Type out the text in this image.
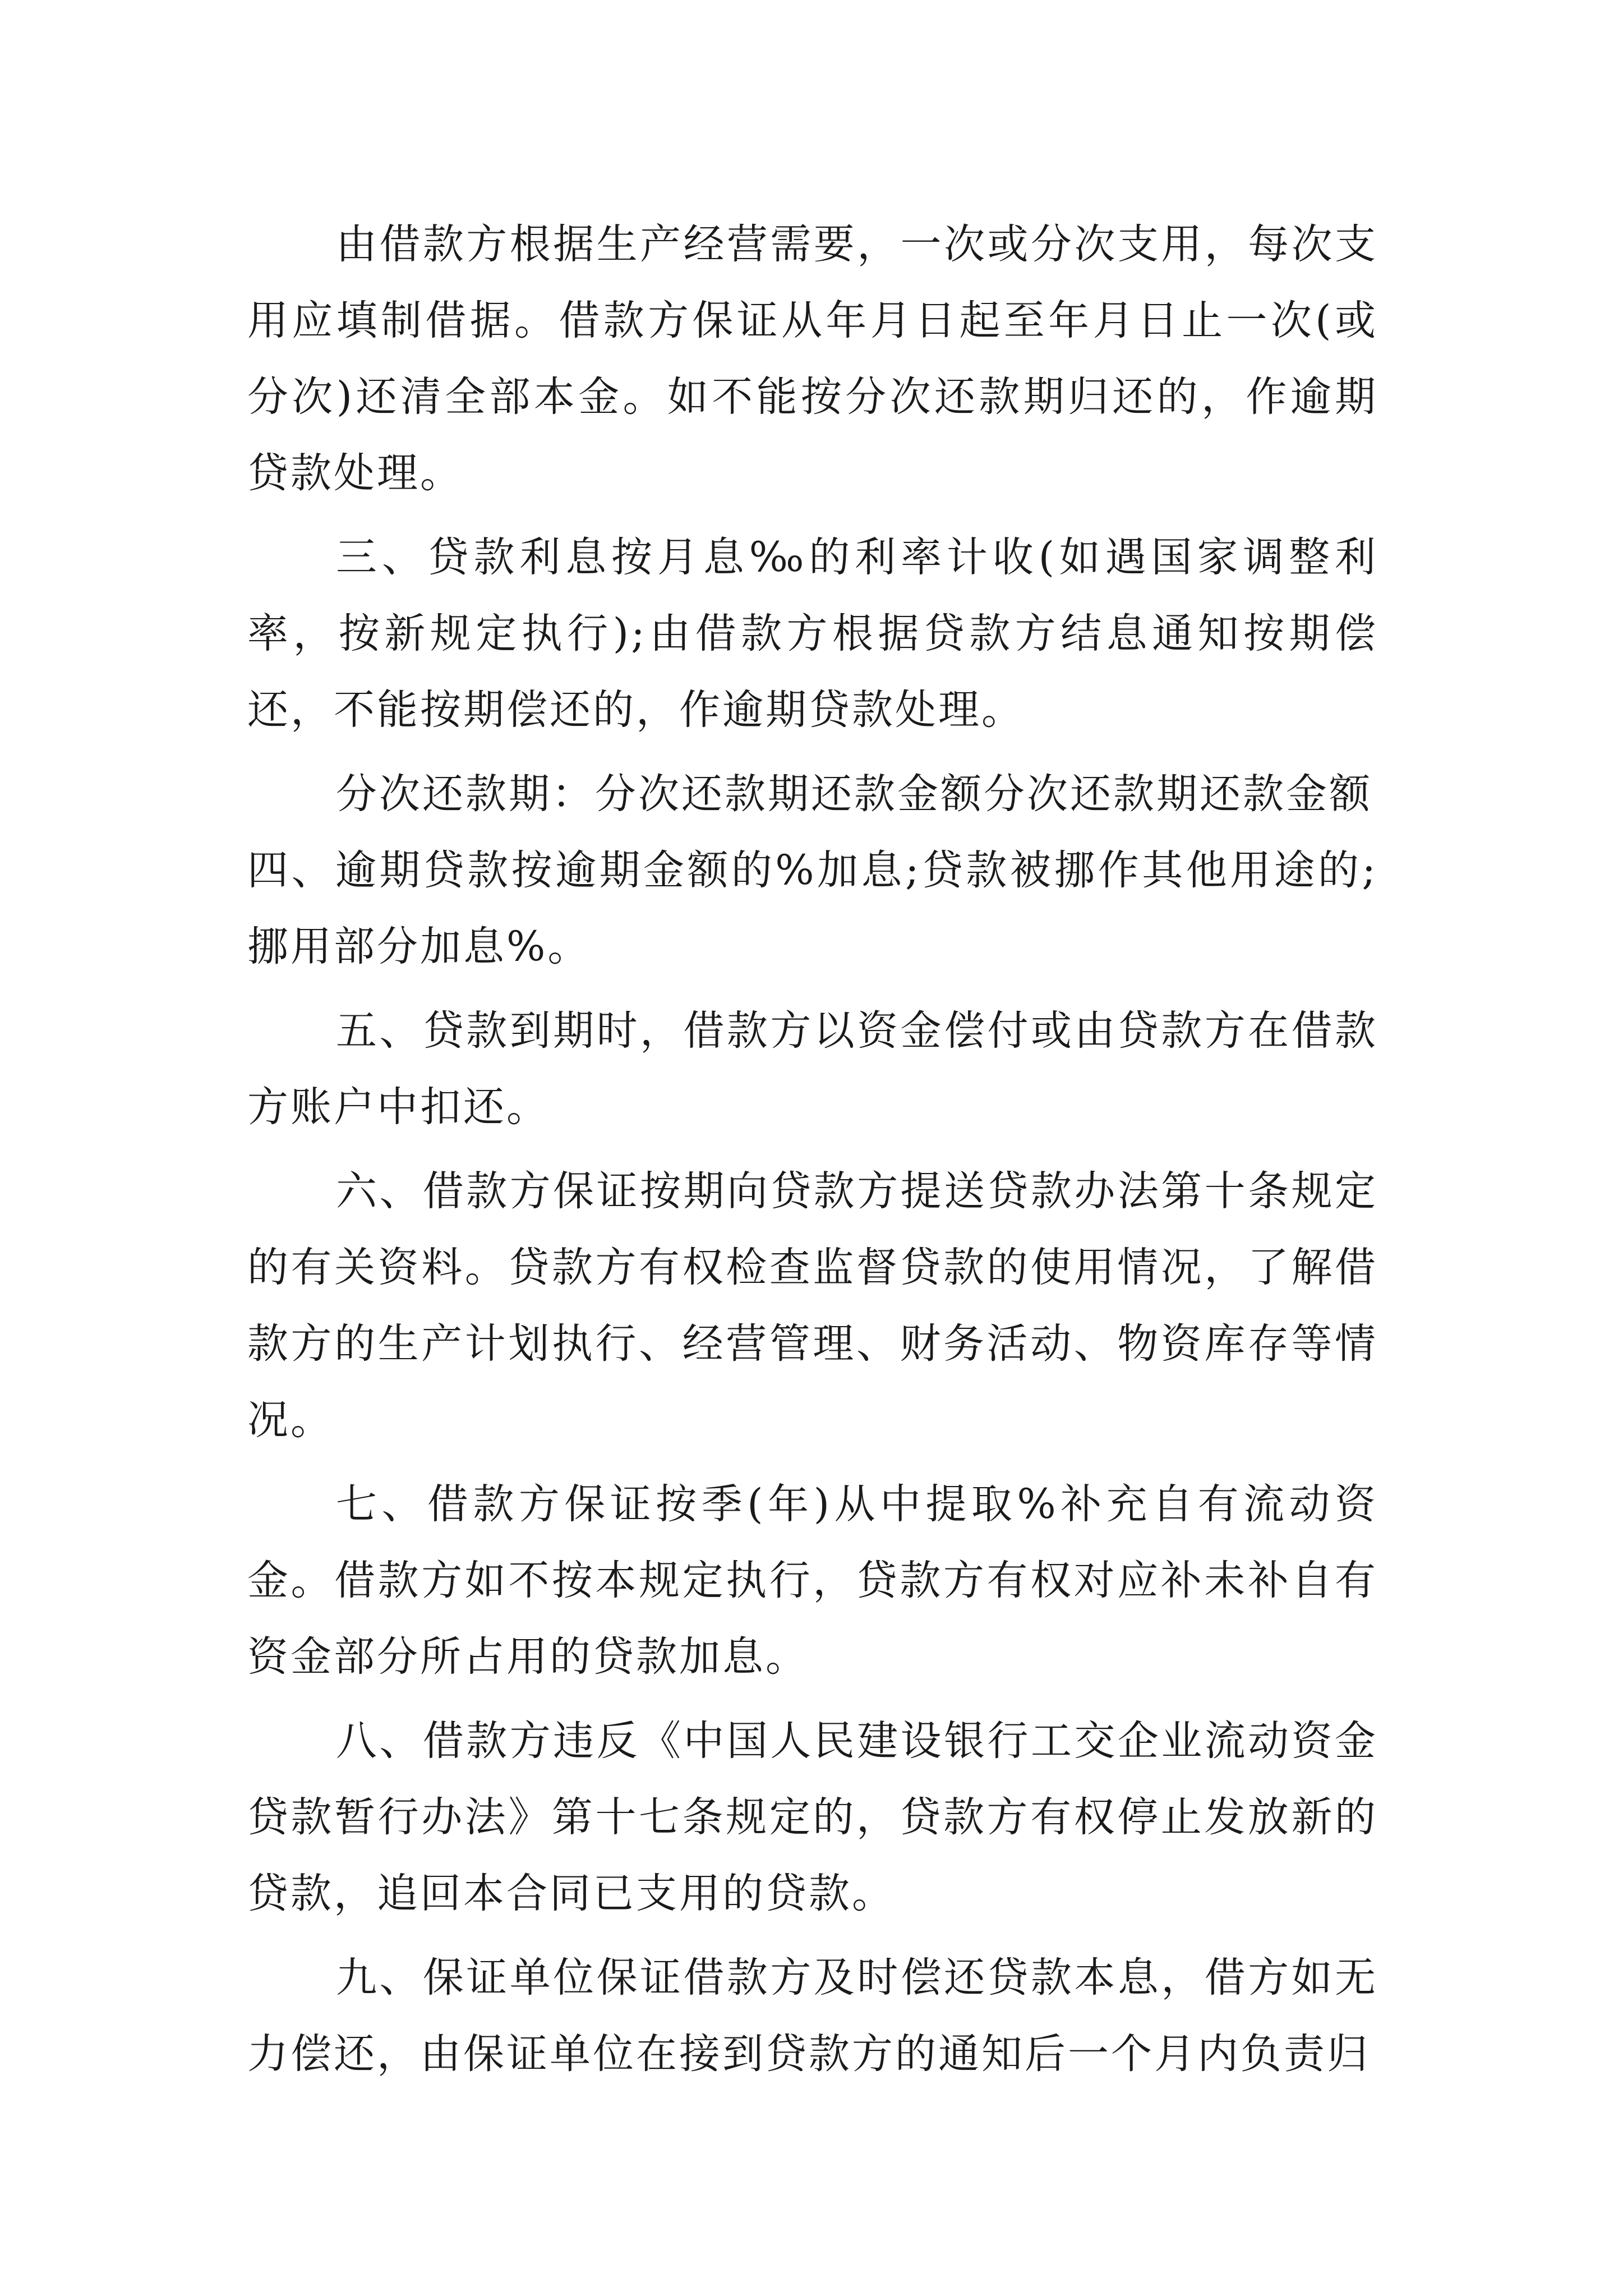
由借款方根据生产经营需要，一次或分次支用，每次支用应填制借据。借款方保证从年月日起至年月日止一次(或分次)还清全部本金。如不能按分次还款期归还的，作逾期贷款处理。

三、贷款利息按月息‰的利率计收(如遇国家调整利率，按新规定执行);由借款方根据贷款方结息通知按期偿还，不能按期偿还的，作逾期贷款处理。

分次还款期：分次还款期还款金额分次还款期还款金额

四、逾期贷款按逾期金额的%加息;贷款被挪作其他用途的;挪用部分加息%。

五、贷款到期时，借款方以资金偿付或由贷款方在借款方账户中扣还。

六、借款方保证按期向贷款方提送贷款办法第十条规定的有关资料。贷款方有权检查监督贷款的使用情况，了解借款方的生产计划执行、经营管理、财务活动、物资库存等情况。

七、借款方保证按季(年)从中提取%补充自有流动资金。借款方如不按本规定执行，贷款方有权对应补未补自有资金部分所占用的贷款加息。

八、借款方违反《中国人民建设银行工交企业流动资金贷款暂行办法》第十七条规定的，贷款方有权停止发放新的贷款，追回本合同已支用的贷款。

九、保证单位保证借款方及时偿还贷款本息，借方如无力偿还，由保证单位在接到贷款方的通知后一个月内负责归
